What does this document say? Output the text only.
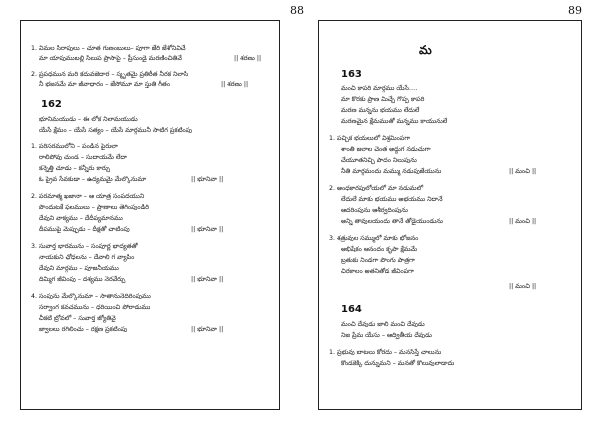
88	89
1. విమల సిరాపులు – చూత గుణంబులు– పూగా జేరి జేశోనివిచే
మా యాపుముబల్లి సిలుప ప్రాసాపై – ప్రీసుండై మరణించితివే	|| శరణు ||
2. ప్రపధమున మరి కదువజెదార – స్మృతమై ప్రతిరీత నీరక నిలాసి
నీ భజనమే మా జీవాధారం – జేసోమూ మా స్తుతి గీతం	|| శరణు ||
162
భూనిమయుడు – ఈ లోక నిలామయుడు
యేసే క్షేమం – యేసే సత్యం – యేసే మార్గమునీ సాటిగ ప్రకటింపు
1. పరిసరములోని – పండిన పైరులా
రాలిపోవు చుండ – సుదాయమే లేదా
కన్నెత్తి చూడు – కన్నీరు కార్చు
ఓ ప్రైవ సేవకుడా – ఉద్యమమై మేల్కొనుమా	|| భూనివా ||
2. పరమాత్మ ఖజానా – ఆ యాత్ర సంపదయుని
పొందుటకే ఫలములు – ప్రాణాలు తెగింపుండిరి
దేవుని వాక్యము – దేదీప్యమానము
దీపముపై మెప్పుడు – దీక్షతో చాటింపు	|| భూనివా ||
3. సువార్త భారమును – సంపూర్ణ భాద్యతతో
నాయకుని ఛోధలను – దేవాలి గ వ్యాపిం
దేవుని మార్గము – పూజనీయము
దిమ్మిగ జీవింపు – దశ్యము నెరవేర్చు	|| భూనివా ||
4. సంపును మేల్కొనుమా – సాతానునెదిరింపుము
సర్వాంగ కవచమును – ధరియించి పోరాడుము
చీకటి బ్రోవలో – సువార్త జ్యోతివై
జ్వాలలు రగిలించు – రక్షణ ప్రకటింపు	|| భూనివా ||
మ
163
మంచి కాపరి మార్గము యేసే….
మా కొరకు ప్రాణ మిచ్చే గొప్ప కాపరి
మరణ మన్నను భయము లేదులే
మరణమైన క్షేమముతో మన్నము కాయునులే
1. పచ్చిక భయలులో విశ్రమింపగా
శాంతి జలాల చెంత అద్దుగ నడుచుగా
చేయూతనిచ్చి పాదం నిలుపును
నీతి మార్గమందు మమ్ము నడుపుజేయును	|| మంచి ||
2. అంధకారపులోయలో మా నడుమలో
లేదులే మాకు భయము అభయము నిదానే
ఆదరింపును ఆశీర్వదింపును
అన్ని తావులయందు తానే తోడైయుండును	|| మంచి ||
3. శత్రువుల సమ్ములో మాకు భోజనం
అభిషేకం ఆనందం కృపా క్షేమమే
బ్రతుకు నిండగా పొంగు పాత్రగా
చిరకాలం అతనితోడ జీవింపగా
|| మంచి ||
164
మంచి దేవుడు జాలి మంచి దేవుడు
నిజ ప్రేమ యేసు – ఆద్వితీయ దేవుడు
1. ప్రభువు బాటలు కోరదు – మనసిస్తే చాలును
కొండకెక్కి దున్నుమని – మనతో కొలువులాడాదు
